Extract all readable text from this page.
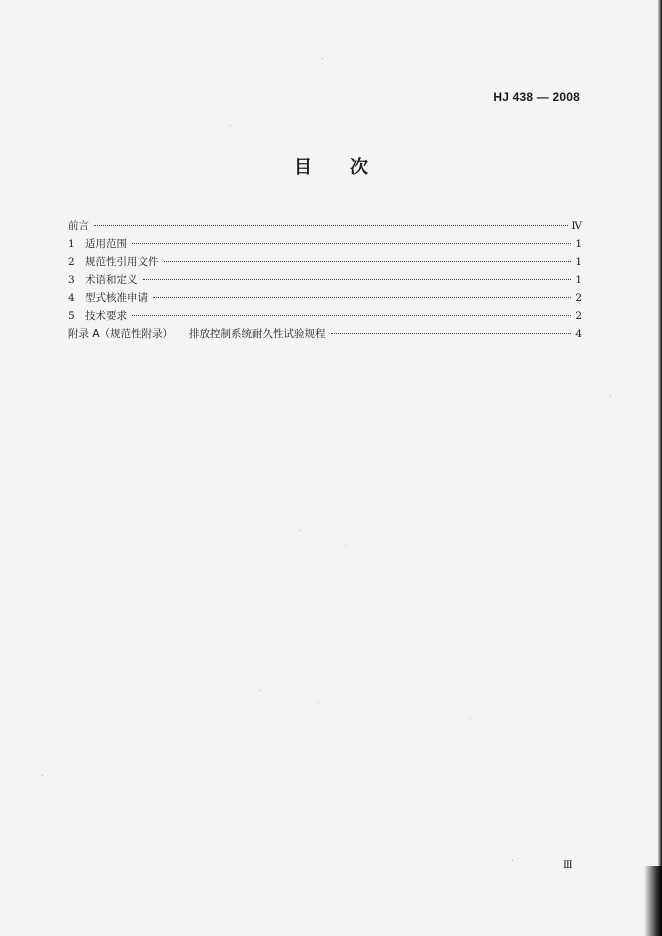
HJ 438 — 2008
目次
前言	Ⅳ
1 适用范围	1
2 规范性引用文件	1
3 术语和定义	1
4 型式核准申请	2
5 技术要求	2
附录 A（规范性附录） 排放控制系统耐久性试验规程	4
Ⅲ
